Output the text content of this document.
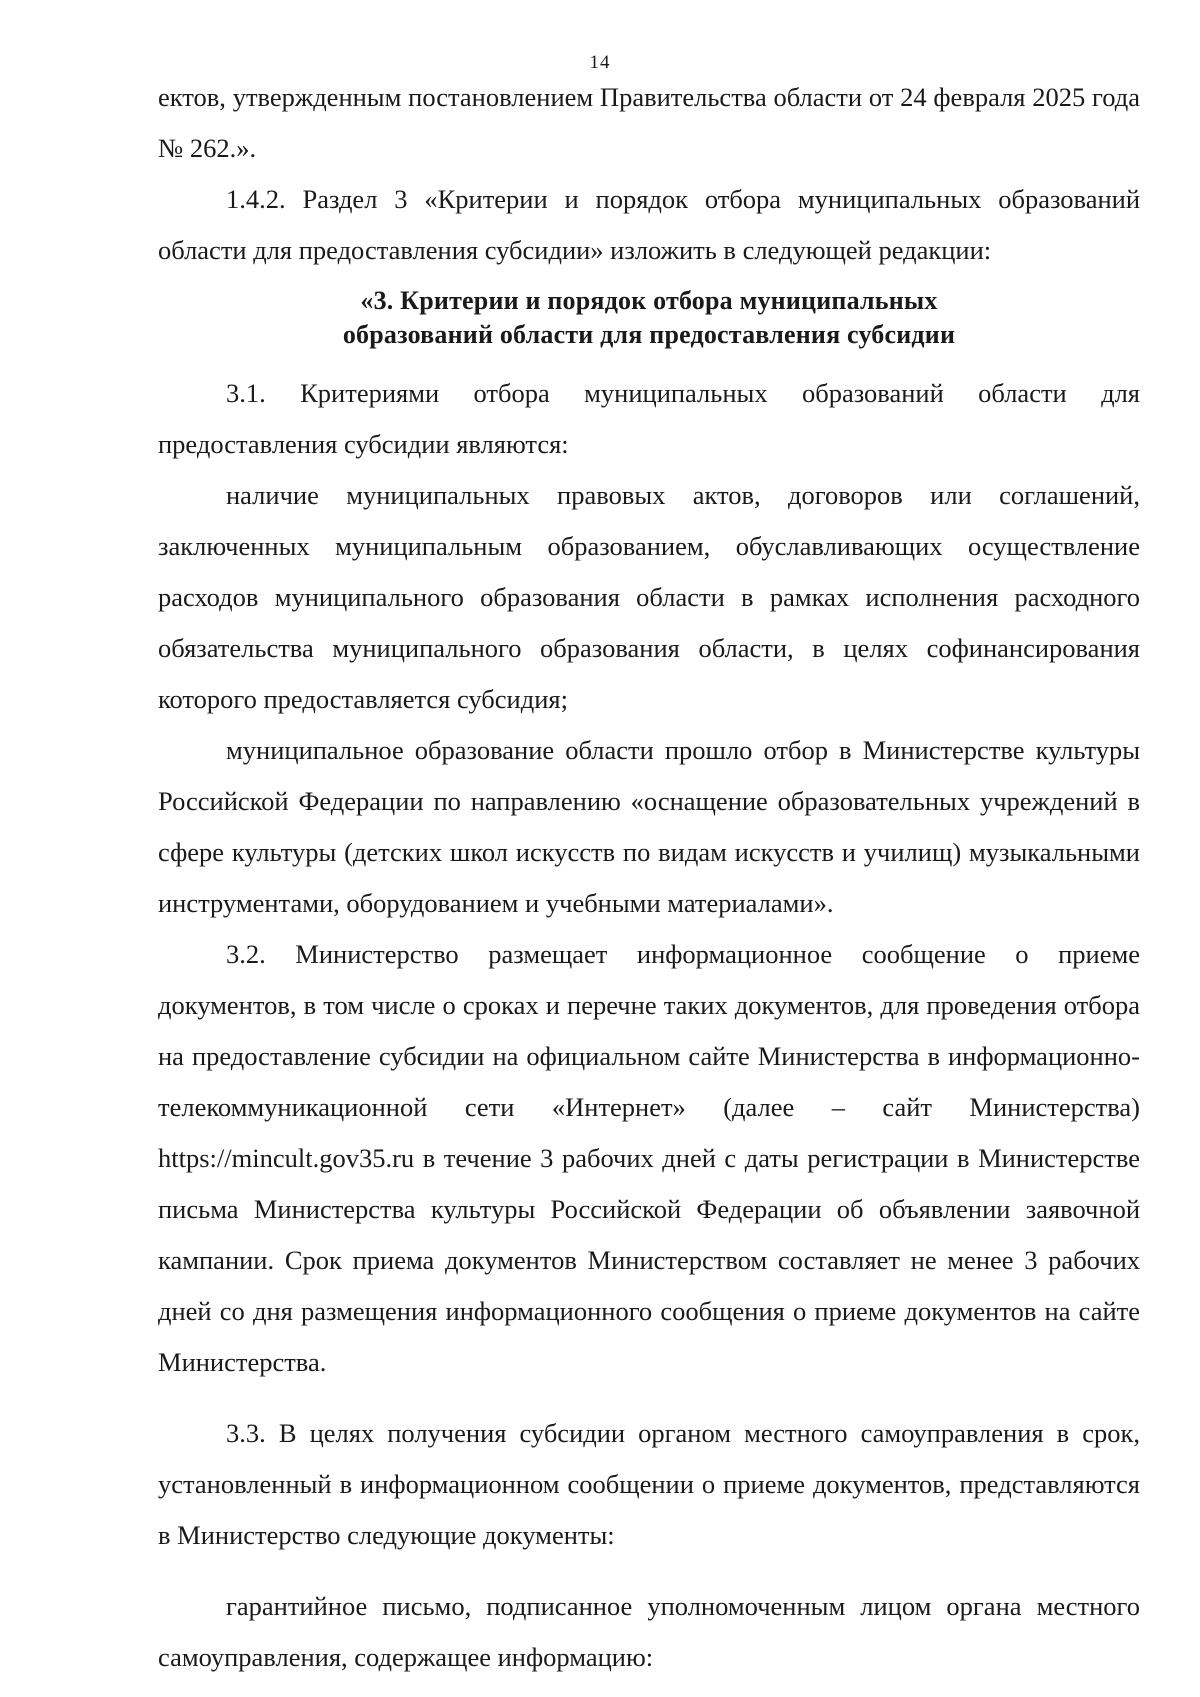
14

ектов, утвержденным постановлением Правительства области от 24 февраля 2025 года № 262.».

1.4.2. Раздел 3 «Критерии и порядок отбора муниципальных образований области для предоставления субсидии» изложить в следующей редакции:

«3. Критерии и порядок отбора муниципальных
образований области для предоставления субсидии

3.1. Критериями отбора муниципальных образований области для предоставления субсидии являются:

наличие муниципальных правовых актов, договоров или соглашений, заключенных муниципальным образованием, обуславливающих осуществление расходов муниципального образования области в рамках исполнения расходного обязательства муниципального образования области, в целях софинансирования которого предоставляется субсидия;

муниципальное образование области прошло отбор в Министерстве культуры Российской Федерации по направлению «оснащение образовательных учреждений в сфере культуры (детских школ искусств по видам искусств и училищ) музыкальными инструментами, оборудованием и учебными материалами».

3.2. Министерство размещает информационное сообщение о приеме документов, в том числе о сроках и перечне таких документов, для проведения отбора на предоставление субсидии на официальном сайте Министерства в информационно-телекоммуникационной сети «Интернет» (далее – сайт Министерства) https://mincult.gov35.ru в течение 3 рабочих дней с даты регистрации в Министерстве письма Министерства культуры Российской Федерации об объявлении заявочной кампании. Срок приема документов Министерством составляет не менее 3 рабочих дней со дня размещения информационного сообщения о приеме документов на сайте Министерства.

3.3. В целях получения субсидии органом местного самоуправления в срок, установленный в информационном сообщении о приеме документов, представляются в Министерство следующие документы:

гарантийное письмо, подписанное уполномоченным лицом органа местного самоуправления, содержащее информацию:
